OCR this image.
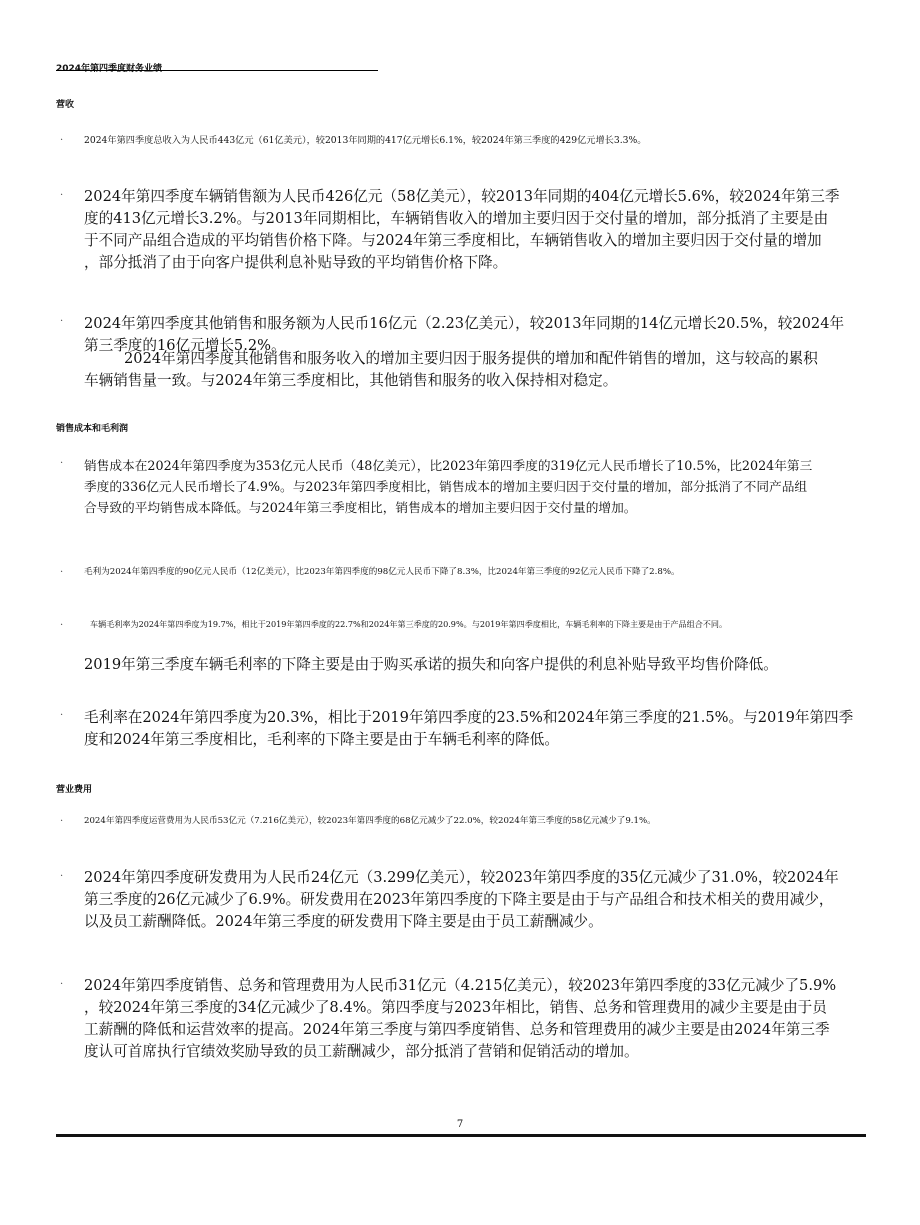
2024年第四季度财务业绩
营收
· 2024年第四季度总收入为人民币443亿元（61亿美元），较2013年同期的417亿元增长6.1%，较2024年第三季度的429亿元增长3.3%。
· 2024年第四季度车辆销售额为人民币426亿元（58亿美元），较2013年同期的404亿元增长5.6%，较2024年第三季
度的413亿元增长3.2%。与2013年同期相比，车辆销售收入的增加主要归因于交付量的增加，部分抵消了主要是由
于不同产品组合造成的平均销售价格下降。与2024年第三季度相比，车辆销售收入的增加主要归因于交付量的增加
，部分抵消了由于向客户提供利息补贴导致的平均销售价格下降。
· 2024年第四季度其他销售和服务额为人民币16亿元（2.23亿美元），较2013年同期的14亿元增长20.5%，较2024年
第三季度的16亿元增长5.2%。
2024年第四季度其他销售和服务收入的增加主要归因于服务提供的增加和配件销售的增加，这与较高的累积
车辆销售量一致。与2024年第三季度相比，其他销售和服务的收入保持相对稳定。
销售成本和毛利润
· 销售成本在2024年第四季度为353亿元人民币（48亿美元），比2023年第四季度的319亿元人民币增长了10.5%，比2024年第三
季度的336亿元人民币增长了4.9%。与2023年第四季度相比，销售成本的增加主要归因于交付量的增加，部分抵消了不同产品组
合导致的平均销售成本降低。与2024年第三季度相比，销售成本的增加主要归因于交付量的增加。
· 毛利为2024年第四季度的90亿元人民币（12亿美元），比2023年第四季度的98亿元人民币下降了8.3%，比2024年第三季度的92亿元人民币下降了2.8%。
·	车辆毛利率为2024年第四季度为19.7%，相比于2019年第四季度的22.7%和2024年第三季度的20.9%。与2019年第四季度相比，车辆毛利率的下降主要是由于产品组合不同。
2019年第三季度车辆毛利率的下降主要是由于购买承诺的损失和向客户提供的利息补贴导致平均售价降低。
· 毛利率在2024年第四季度为20.3%，相比于2019年第四季度的23.5%和2024年第三季度的21.5%。与2019年第四季
度和2024年第三季度相比，毛利率的下降主要是由于车辆毛利率的降低。
营业费用
· 2024年第四季度运营费用为人民币53亿元（7.216亿美元），较2023年第四季度的68亿元减少了22.0%，较2024年第三季度的58亿元减少了9.1%。
· 2024年第四季度研发费用为人民币24亿元（3.299亿美元），较2023年第四季度的35亿元减少了31.0%，较2024年
第三季度的26亿元减少了6.9%。研发费用在2023年第四季度的下降主要是由于与产品组合和技术相关的费用减少，
以及员工薪酬降低。2024年第三季度的研发费用下降主要是由于员工薪酬减少。
· 2024年第四季度销售、总务和管理费用为人民币31亿元（4.215亿美元），较2023年第四季度的33亿元减少了5.9%
，较2024年第三季度的34亿元减少了8.4%。第四季度与2023年相比，销售、总务和管理费用的减少主要是由于员
工薪酬的降低和运营效率的提高。2024年第三季度与第四季度销售、总务和管理费用的减少主要是由2024年第三季
度认可首席执行官绩效奖励导致的员工薪酬减少，部分抵消了营销和促销活动的增加。
7
